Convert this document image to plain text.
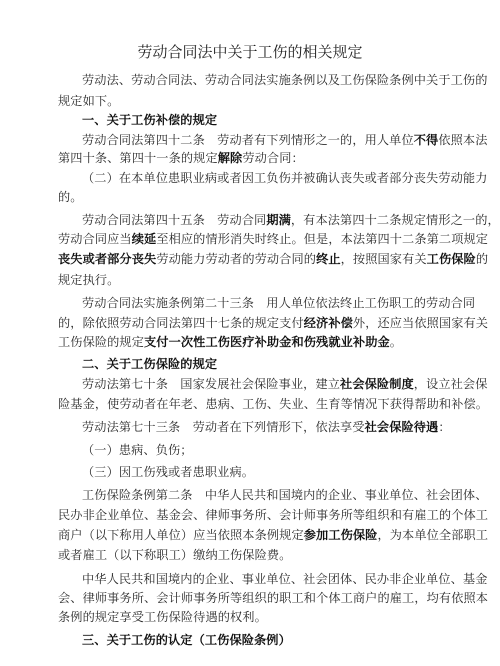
劳动合同法中关于工伤的相关规定
劳动法、劳动合同法、劳动合同法实施条例以及工伤保险条例中关于工伤的
规定如下。
一、关于工伤补偿的规定
劳动合同法第四十二条　劳动者有下列情形之一的，用人单位不得依照本法
第四十条、第四十一条的规定解除劳动合同：
（二）在本单位患职业病或者因工负伤并被确认丧失或者部分丧失劳动能力
的。
劳动合同法第四十五条　劳动合同期满，有本法第四十二条规定情形之一的，
劳动合同应当续延至相应的情形消失时终止。但是，本法第四十二条第二项规定
丧失或者部分丧失劳动能力劳动者的劳动合同的终止，按照国家有关工伤保险的
规定执行。
劳动合同法实施条例第二十三条　用人单位依法终止工伤职工的劳动合同
的，除依照劳动合同法第四十七条的规定支付经济补偿外，还应当依照国家有关
工伤保险的规定支付一次性工伤医疗补助金和伤残就业补助金。
二、关于工伤保险的规定
劳动法第七十条　国家发展社会保险事业，建立社会保险制度，设立社会保
险基金，使劳动者在年老、患病、工伤、失业、生育等情况下获得帮助和补偿。
劳动法第七十三条　劳动者在下列情形下，依法享受社会保险待遇：
（一）患病、负伤；
（三）因工伤残或者患职业病。
工伤保险条例第二条　中华人民共和国境内的企业、事业单位、社会团体、
民办非企业单位、基金会、律师事务所、会计师事务所等组织和有雇工的个体工
商户（以下称用人单位）应当依照本条例规定参加工伤保险，为本单位全部职工
或者雇工（以下称职工）缴纳工伤保险费。
中华人民共和国境内的企业、事业单位、社会团体、民办非企业单位、基金
会、律师事务所、会计师事务所等组织的职工和个体工商户的雇工，均有依照本
条例的规定享受工伤保险待遇的权利。
三、关于工伤的认定（工伤保险条例）
